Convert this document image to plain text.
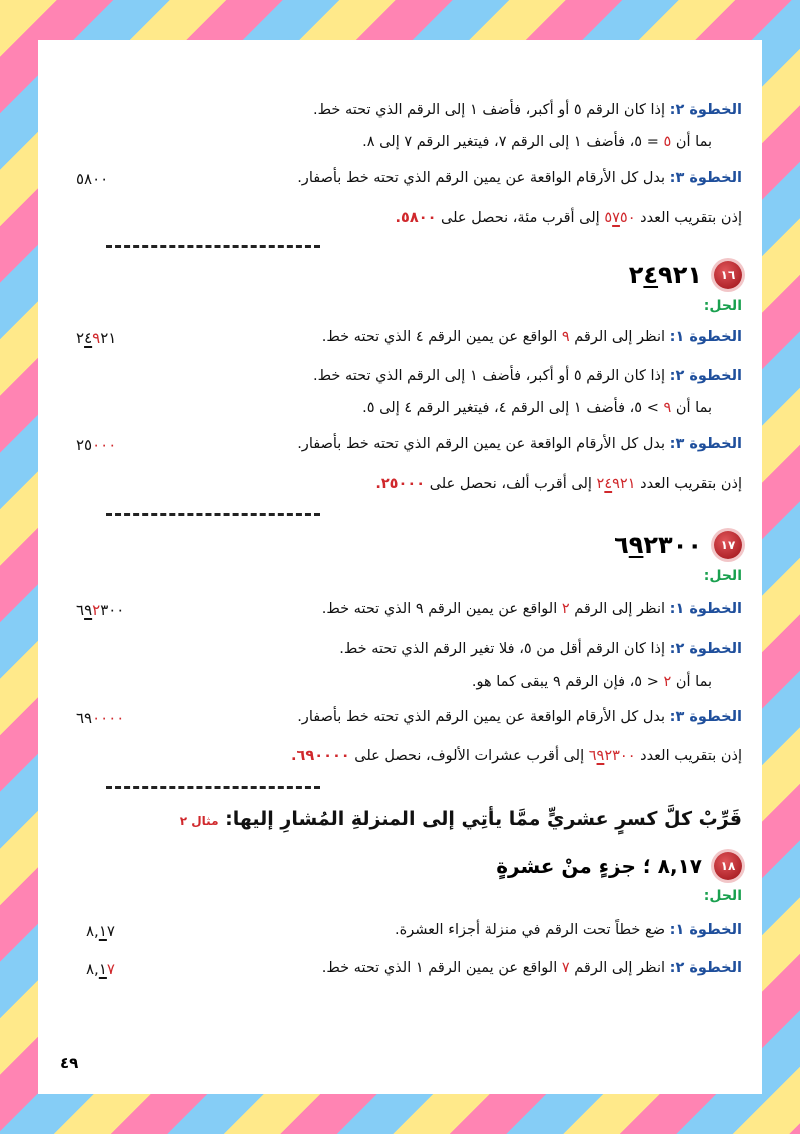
الخطوة ٢: إذا كان الرقم ٥ أو أكبر، فأضف ١ إلى الرقم الذي تحته خط.
بما أن ٥ = ٥، فأضف ١ إلى الرقم ٧، فيتغير الرقم ٧ إلى ٨.
الخطوة ٣: بدل كل الأرقام الواقعة عن يمين الرقم الذي تحته خط بأصفار.
٥٨٠٠
إذن بتقريب العدد ٥٧٥٠ إلى أقرب مئة، نحصل على ٥٨٠٠.
١٦
٢٤٩٢١
الحل:
الخطوة ١: انظر إلى الرقم ٩ الواقع عن يمين الرقم ٤ الذي تحته خط.
٢٤٩٢١
الخطوة ٢: إذا كان الرقم ٥ أو أكبر، فأضف ١ إلى الرقم الذي تحته خط.
بما أن ٩ > ٥، فأضف ١ إلى الرقم ٤، فيتغير الرقم ٤ إلى ٥.
الخطوة ٣: بدل كل الأرقام الواقعة عن يمين الرقم الذي تحته خط بأصفار.
٢٥٠٠٠
إذن بتقريب العدد ٢٤٩٢١ إلى أقرب ألف، نحصل على ٢٥٠٠٠.
١٧
٦٩٢٣٠٠
الحل:
الخطوة ١: انظر إلى الرقم ٢ الواقع عن يمين الرقم ٩ الذي تحته خط.
٦٩٢٣٠٠
الخطوة ٢: إذا كان الرقم أقل من ٥، فلا تغير الرقم الذي تحته خط.
بما أن ٢ < ٥، فإن الرقم ٩ يبقى كما هو.
الخطوة ٣: بدل كل الأرقام الواقعة عن يمين الرقم الذي تحته خط بأصفار.
٦٩٠٠٠٠
إذن بتقريب العدد ٦٩٢٣٠٠ إلى أقرب عشرات الألوف، نحصل على ٦٩٠٠٠٠.
قَرِّبْ كلَّ كسرٍ عشريٍّ ممَّا يأتِي إلى المنزلةِ المُشارِ إليها: مثال ٢
١٨
٨,١٧ ؛ جزءٍ منْ عشرةٍ
الحل:
الخطوة ١: ضع خطاً تحت الرقم في منزلة أجزاء العشرة.
٨,١٧
الخطوة ٢: انظر إلى الرقم ٧ الواقع عن يمين الرقم ١ الذي تحته خط.
٨,١٧
٤٩
